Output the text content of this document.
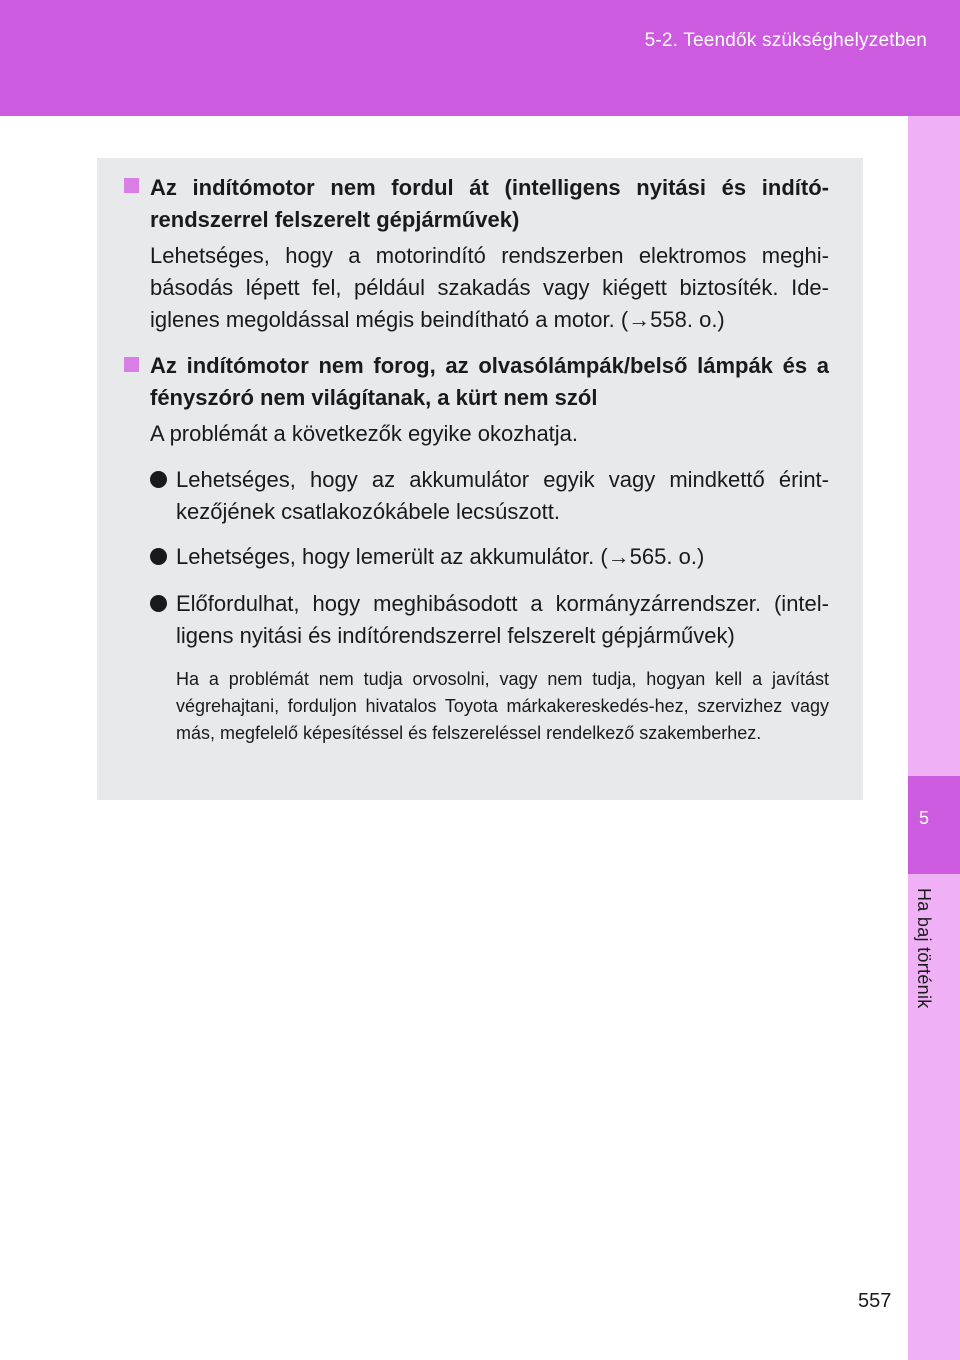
5-2. Teendők szükséghelyzetben
5
Ha baj történik
Az indítómotor nem fordul át (intelligens nyitási és indító-rendszerrel felszerelt gépjárművek)
Lehetséges, hogy a motorindító rendszerben elektromos meghi-básodás lépett fel, például szakadás vagy kiégett biztosíték. Ide-iglenes megoldással mégis beindítható a motor. (→558. o.)
Az indítómotor nem forog, az olvasólámpák/belső lámpák és a fényszóró nem világítanak, a kürt nem szól
A problémát a következők egyike okozhatja.
Lehetséges, hogy az akkumulátor egyik vagy mindkettő érint-kezőjének csatlakozókábele lecsúszott.
Lehetséges, hogy lemerült az akkumulátor. (→565. o.)
Előfordulhat, hogy meghibásodott a kormányzárrendszer. (intel-ligens nyitási és indítórendszerrel felszerelt gépjárművek)
Ha a problémát nem tudja orvosolni, vagy nem tudja, hogyan kell a javítást végrehajtani, forduljon hivatalos Toyota márkakereskedés-hez, szervizhez vagy más, megfelelő képesítéssel és felszereléssel rendelkező szakemberhez.
557
